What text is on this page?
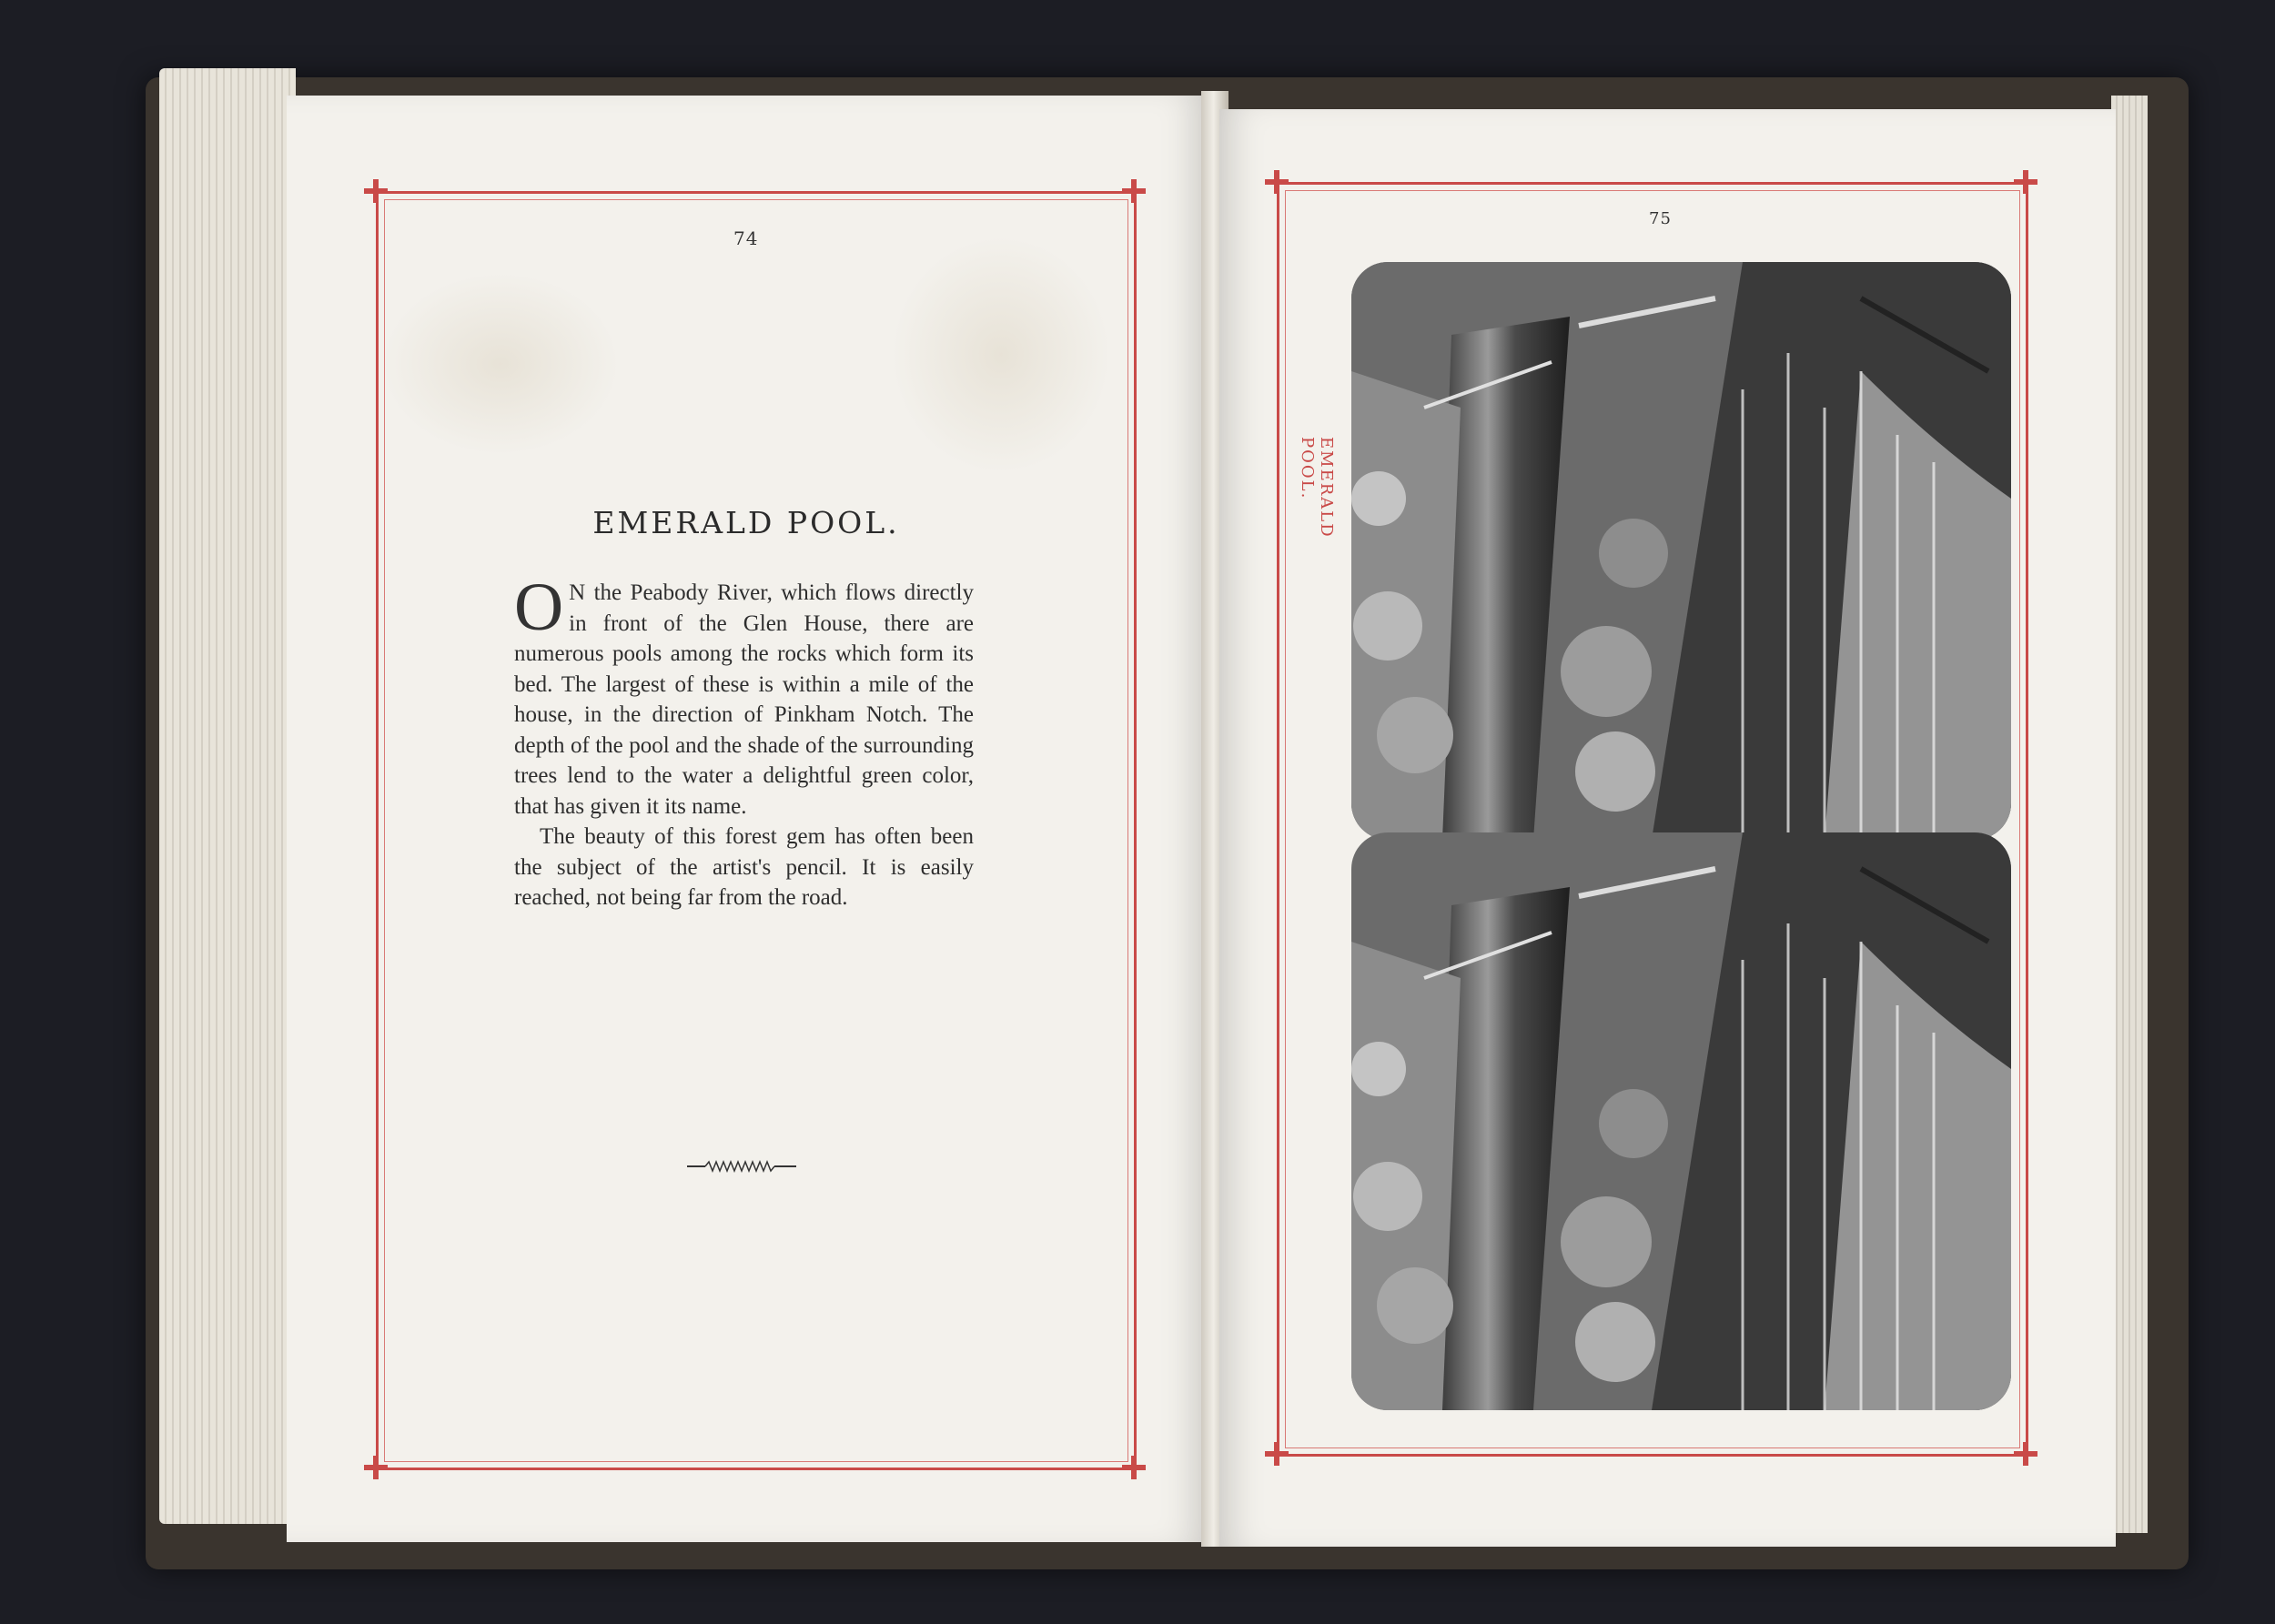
74
EMERALD POOL.

O N the Peabody River, which flows directly in front of the Glen House, there are numerous pools among the rocks which form its bed. The largest of these is within a mile of the house, in the direction of Pinkham Notch. The depth of the pool and the shade of the surrounding trees lend to the water a delightful green color, that has given it its name.

The beauty of this forest gem has often been the subject of the artist's pencil. It is easily reached, not being far from the road.

75
EMERALD POOL.
